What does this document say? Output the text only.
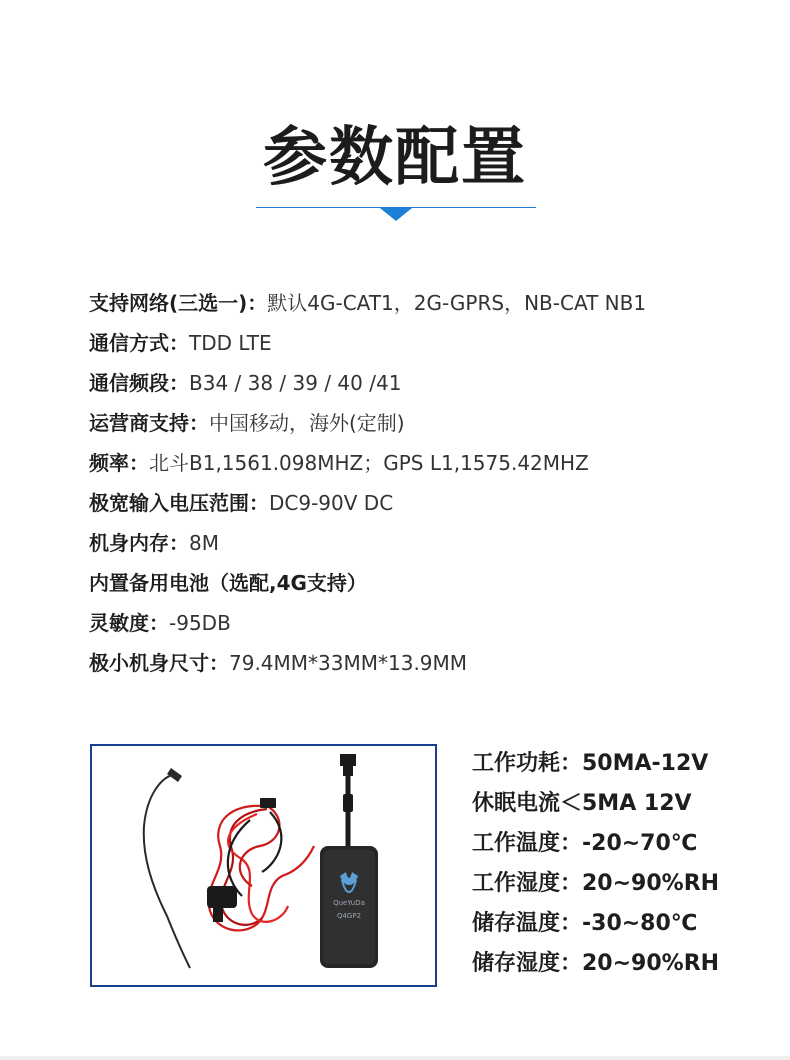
参数配置
支持网络(三选一)：默认4G-CAT1，2G-GPRS，NB-CAT NB1
通信方式：TDD LTE
通信频段：B34 / 38 / 39 / 40 /41
运营商支持：中国移动，海外(定制)
频率：北斗B1,1561.098MHZ；GPS L1,1575.42MHZ
极宽输入电压范围：DC9-90V DC
机身内存：8M
内置备用电池（选配,4G支持）
灵敏度：-95DB
极小机身尺寸：79.4MM*33MM*13.9MM
QueYuDa
Q4GP2
工作功耗：50MA-12V
休眠电流＜5MA 12V
工作温度：-20~70℃
工作湿度：20~90%RH
储存温度：-30~80℃
储存湿度：20~90%RH
